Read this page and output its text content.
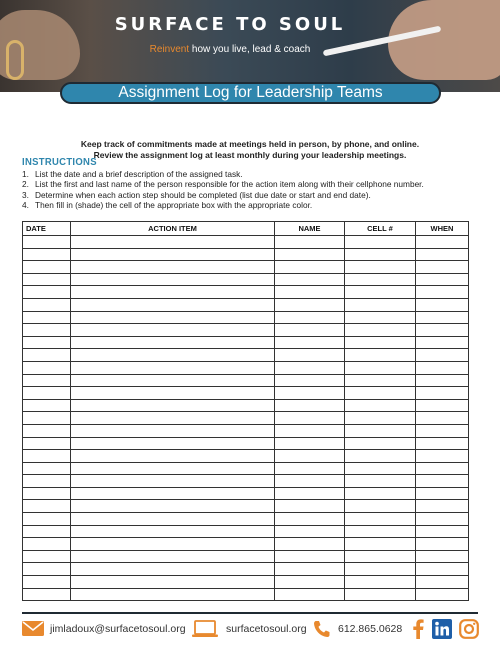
SURFACE TO SOUL
Reinvent how you live, lead & coach
Assignment Log for Leadership Teams
Keep track of commitments made at meetings held in person, by phone, and online.
Review the assignment log at least monthly during your leadership meetings.
INSTRUCTIONS
1. List the date and a brief description of the assigned task.
2. List the first and last name of the person responsible for the action item along with their cellphone number.
3. Determine when each action step should be completed (list due date or start and end date).
4. Then fill in (shade) the cell of the appropriate box with the appropriate color.
DATE	ACTION ITEM	NAME	CELL #	WHEN

jimladoux@surfacetosoul.org	surfacetosoul.org	612.865.0628
